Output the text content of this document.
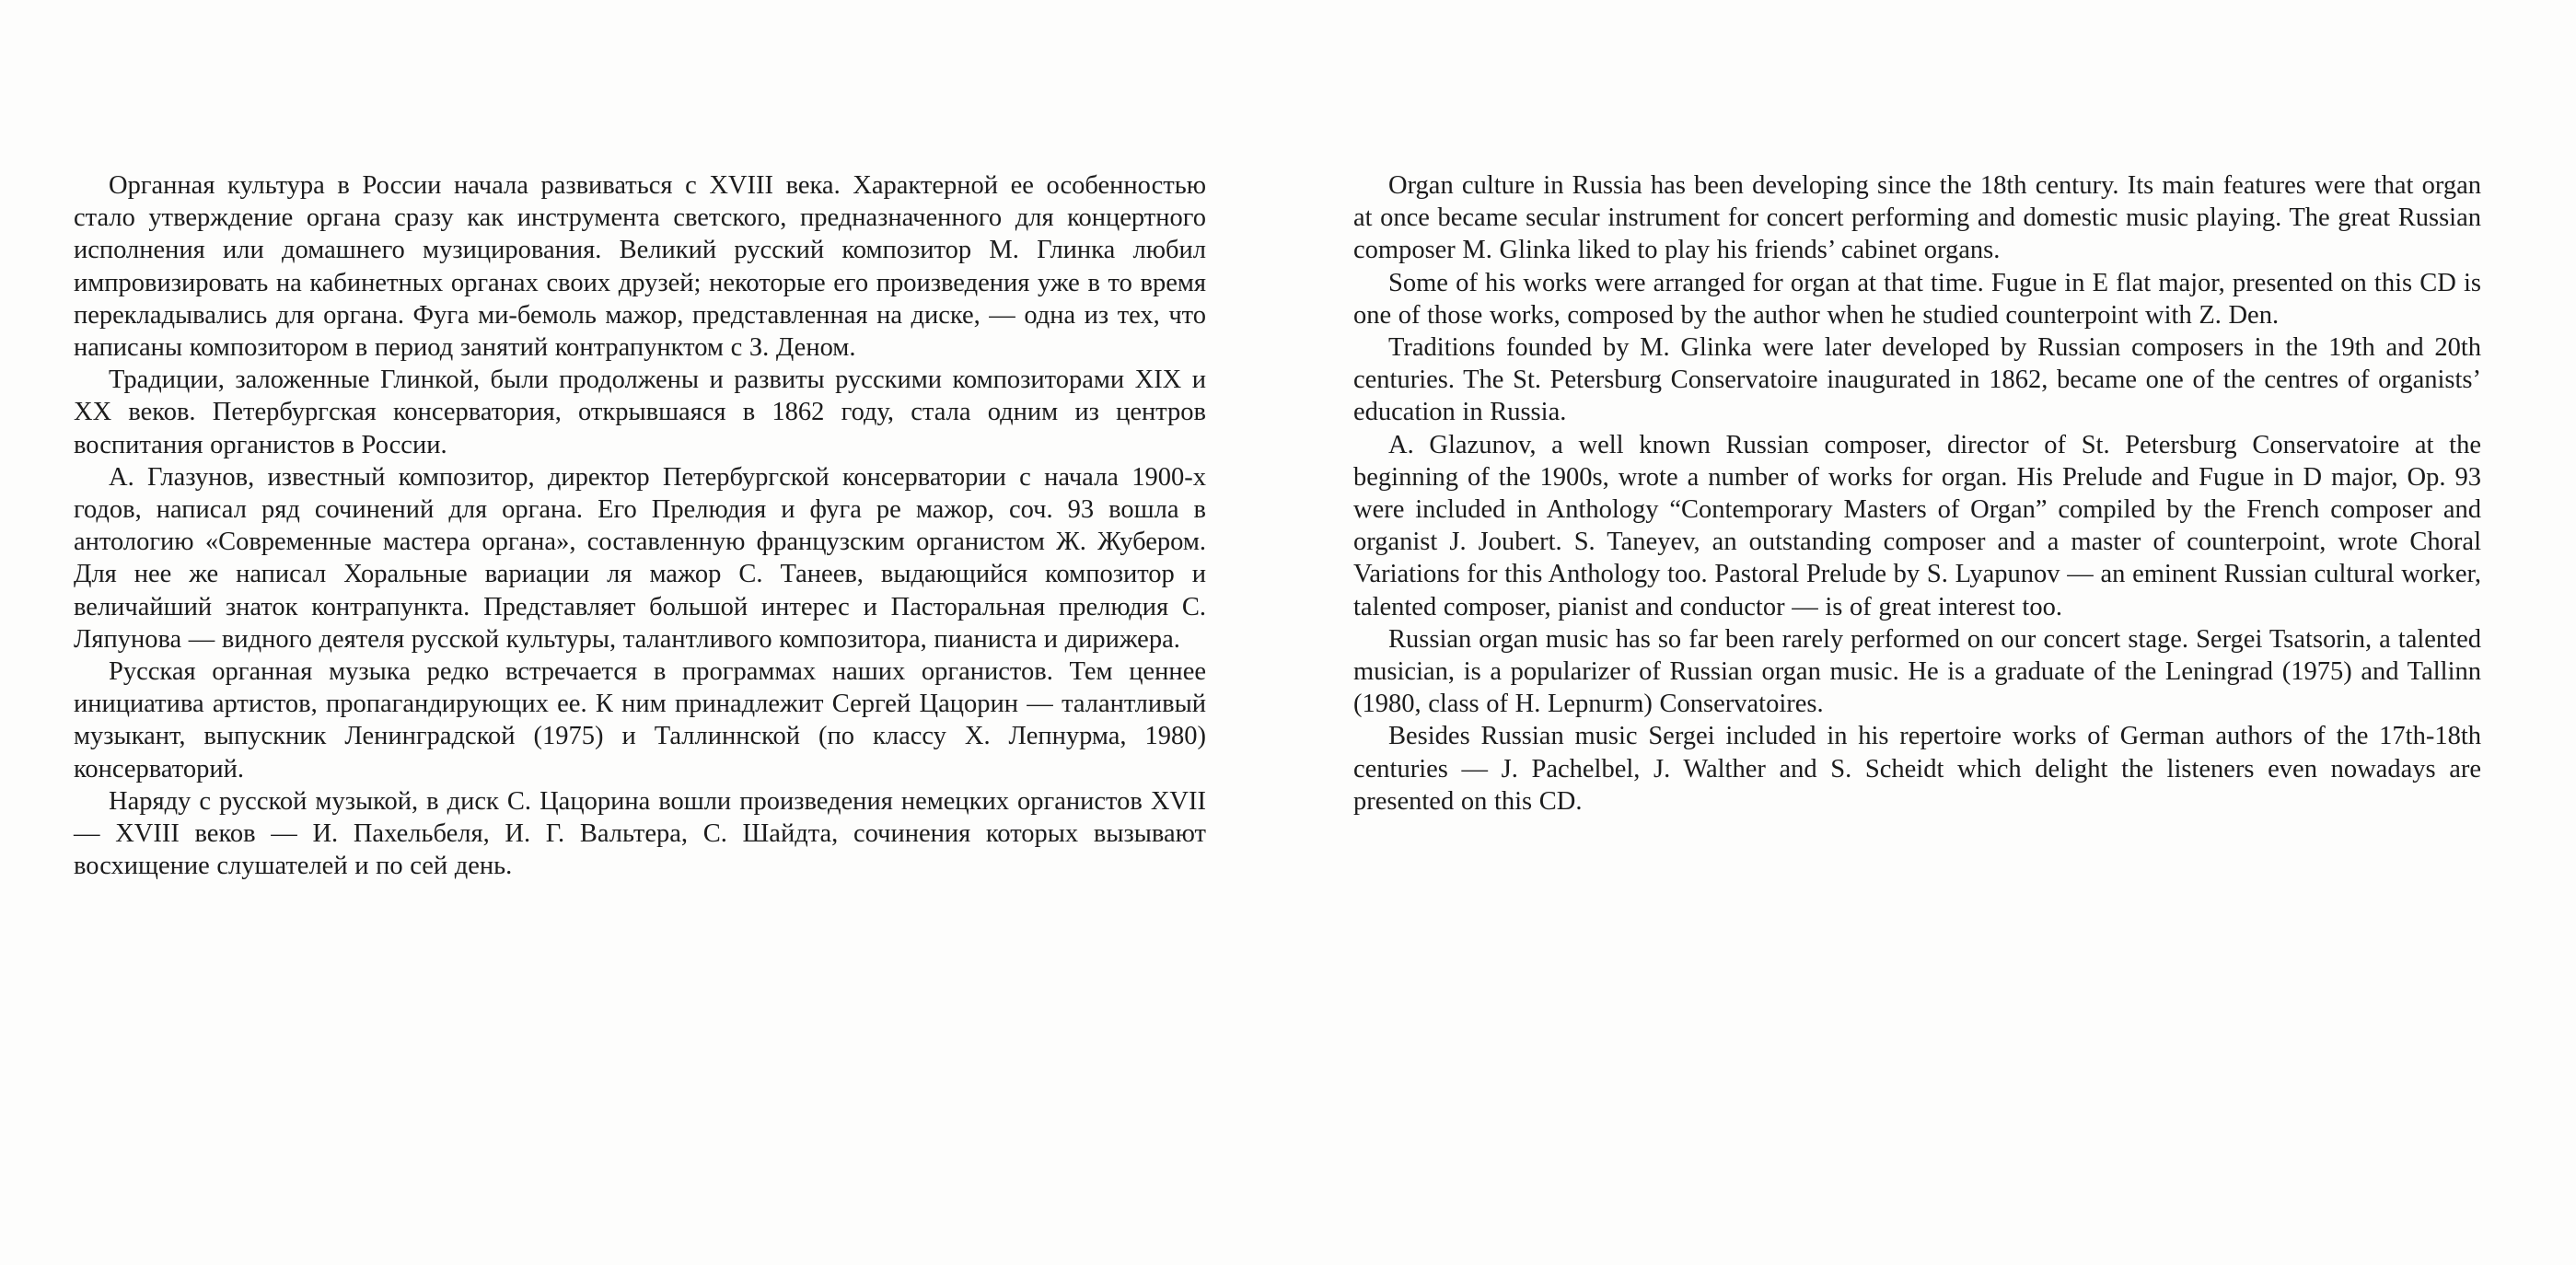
Органная культура в России начала развиваться с XVIII века. Характерной ее особенностью стало утверждение органа сразу как инструмента светского, предназначенного для концертного исполнения или домашнего музицирования. Великий русский композитор М. Глинка любил импровизировать на кабинетных органах своих друзей; некоторые его произведения уже в то время перекладывались для органа. Фуга ми-бемоль мажор, представленная на диске, — одна из тех, что написаны композитором в период занятий контрапунктом с З. Деном.

Традиции, заложенные Глинкой, были продолжены и развиты русскими композиторами XIX и XX веков. Петербургская консерватория, открывшаяся в 1862 году, стала одним из центров воспитания органистов в России.

А. Глазунов, известный композитор, директор Петербургской консерватории с начала 1900-х годов, написал ряд сочинений для органа. Его Прелюдия и фуга ре мажор, соч. 93 вошла в антологию «Современные мастера органа», составленную французским органистом Ж. Жубером. Для нее же написал Хоральные вариации ля мажор С. Танеев, выдающийся композитор и величайший знаток контрапункта. Представляет большой интерес и Пасторальная прелюдия С. Ляпунова — видного деятеля русской культуры, талантливого композитора, пианиста и дирижера.

Русская органная музыка редко встречается в программах наших органистов. Тем ценнее инициатива артистов, пропагандирующих ее. К ним принадлежит Сергей Цацорин — талантливый музыкант, выпускник Ленинградской (1975) и Таллиннской (по классу Х. Лепнурма, 1980) консерваторий.

Наряду с русской музыкой, в диск С. Цацорина вошли произведения немецких органистов XVII — XVIII веков — И. Пахельбеля, И. Г. Вальтера, С. Шайдта, сочинения которых вызывают восхищение слушателей и по сей день.

Organ culture in Russia has been developing since the 18th century. Its main features were that organ at once became secular instrument for concert performing and domestic music playing. The great Russian composer M. Glinka liked to play his friends’ cabinet organs.

Some of his works were arranged for organ at that time. Fugue in E flat major, presented on this CD is one of those works, composed by the author when he studied counterpoint with Z. Den.

Traditions founded by M. Glinka were later developed by Russian composers in the 19th and 20th centuries. The St. Petersburg Conservatoire inaugurated in 1862, became one of the centres of organists’ education in Russia.

A. Glazunov, a well known Russian composer, director of St. Petersburg Conservatoire at the beginning of the 1900s, wrote a number of works for organ. His Prelude and Fugue in D major, Op. 93 were included in Anthology “Contemporary Masters of Organ” compiled by the French composer and organist J. Joubert. S. Taneyev, an outstanding composer and a master of counterpoint, wrote Choral Variations for this Anthology too. Pastoral Prelude by S. Lyapunov — an eminent Russian cultural worker, talented composer, pianist and conductor — is of great interest too.

Russian organ music has so far been rarely performed on our concert stage. Sergei Tsatsorin, a talented musician, is a popularizer of Russian organ music. He is a graduate of the Leningrad (1975) and Tallinn (1980, class of H. Lepnurm) Conservatoires.

Besides Russian music Sergei included in his repertoire works of German authors of the 17th-18th centuries — J. Pachelbel, J. Walther and S. Scheidt which delight the listeners even nowadays are presented on this CD.
